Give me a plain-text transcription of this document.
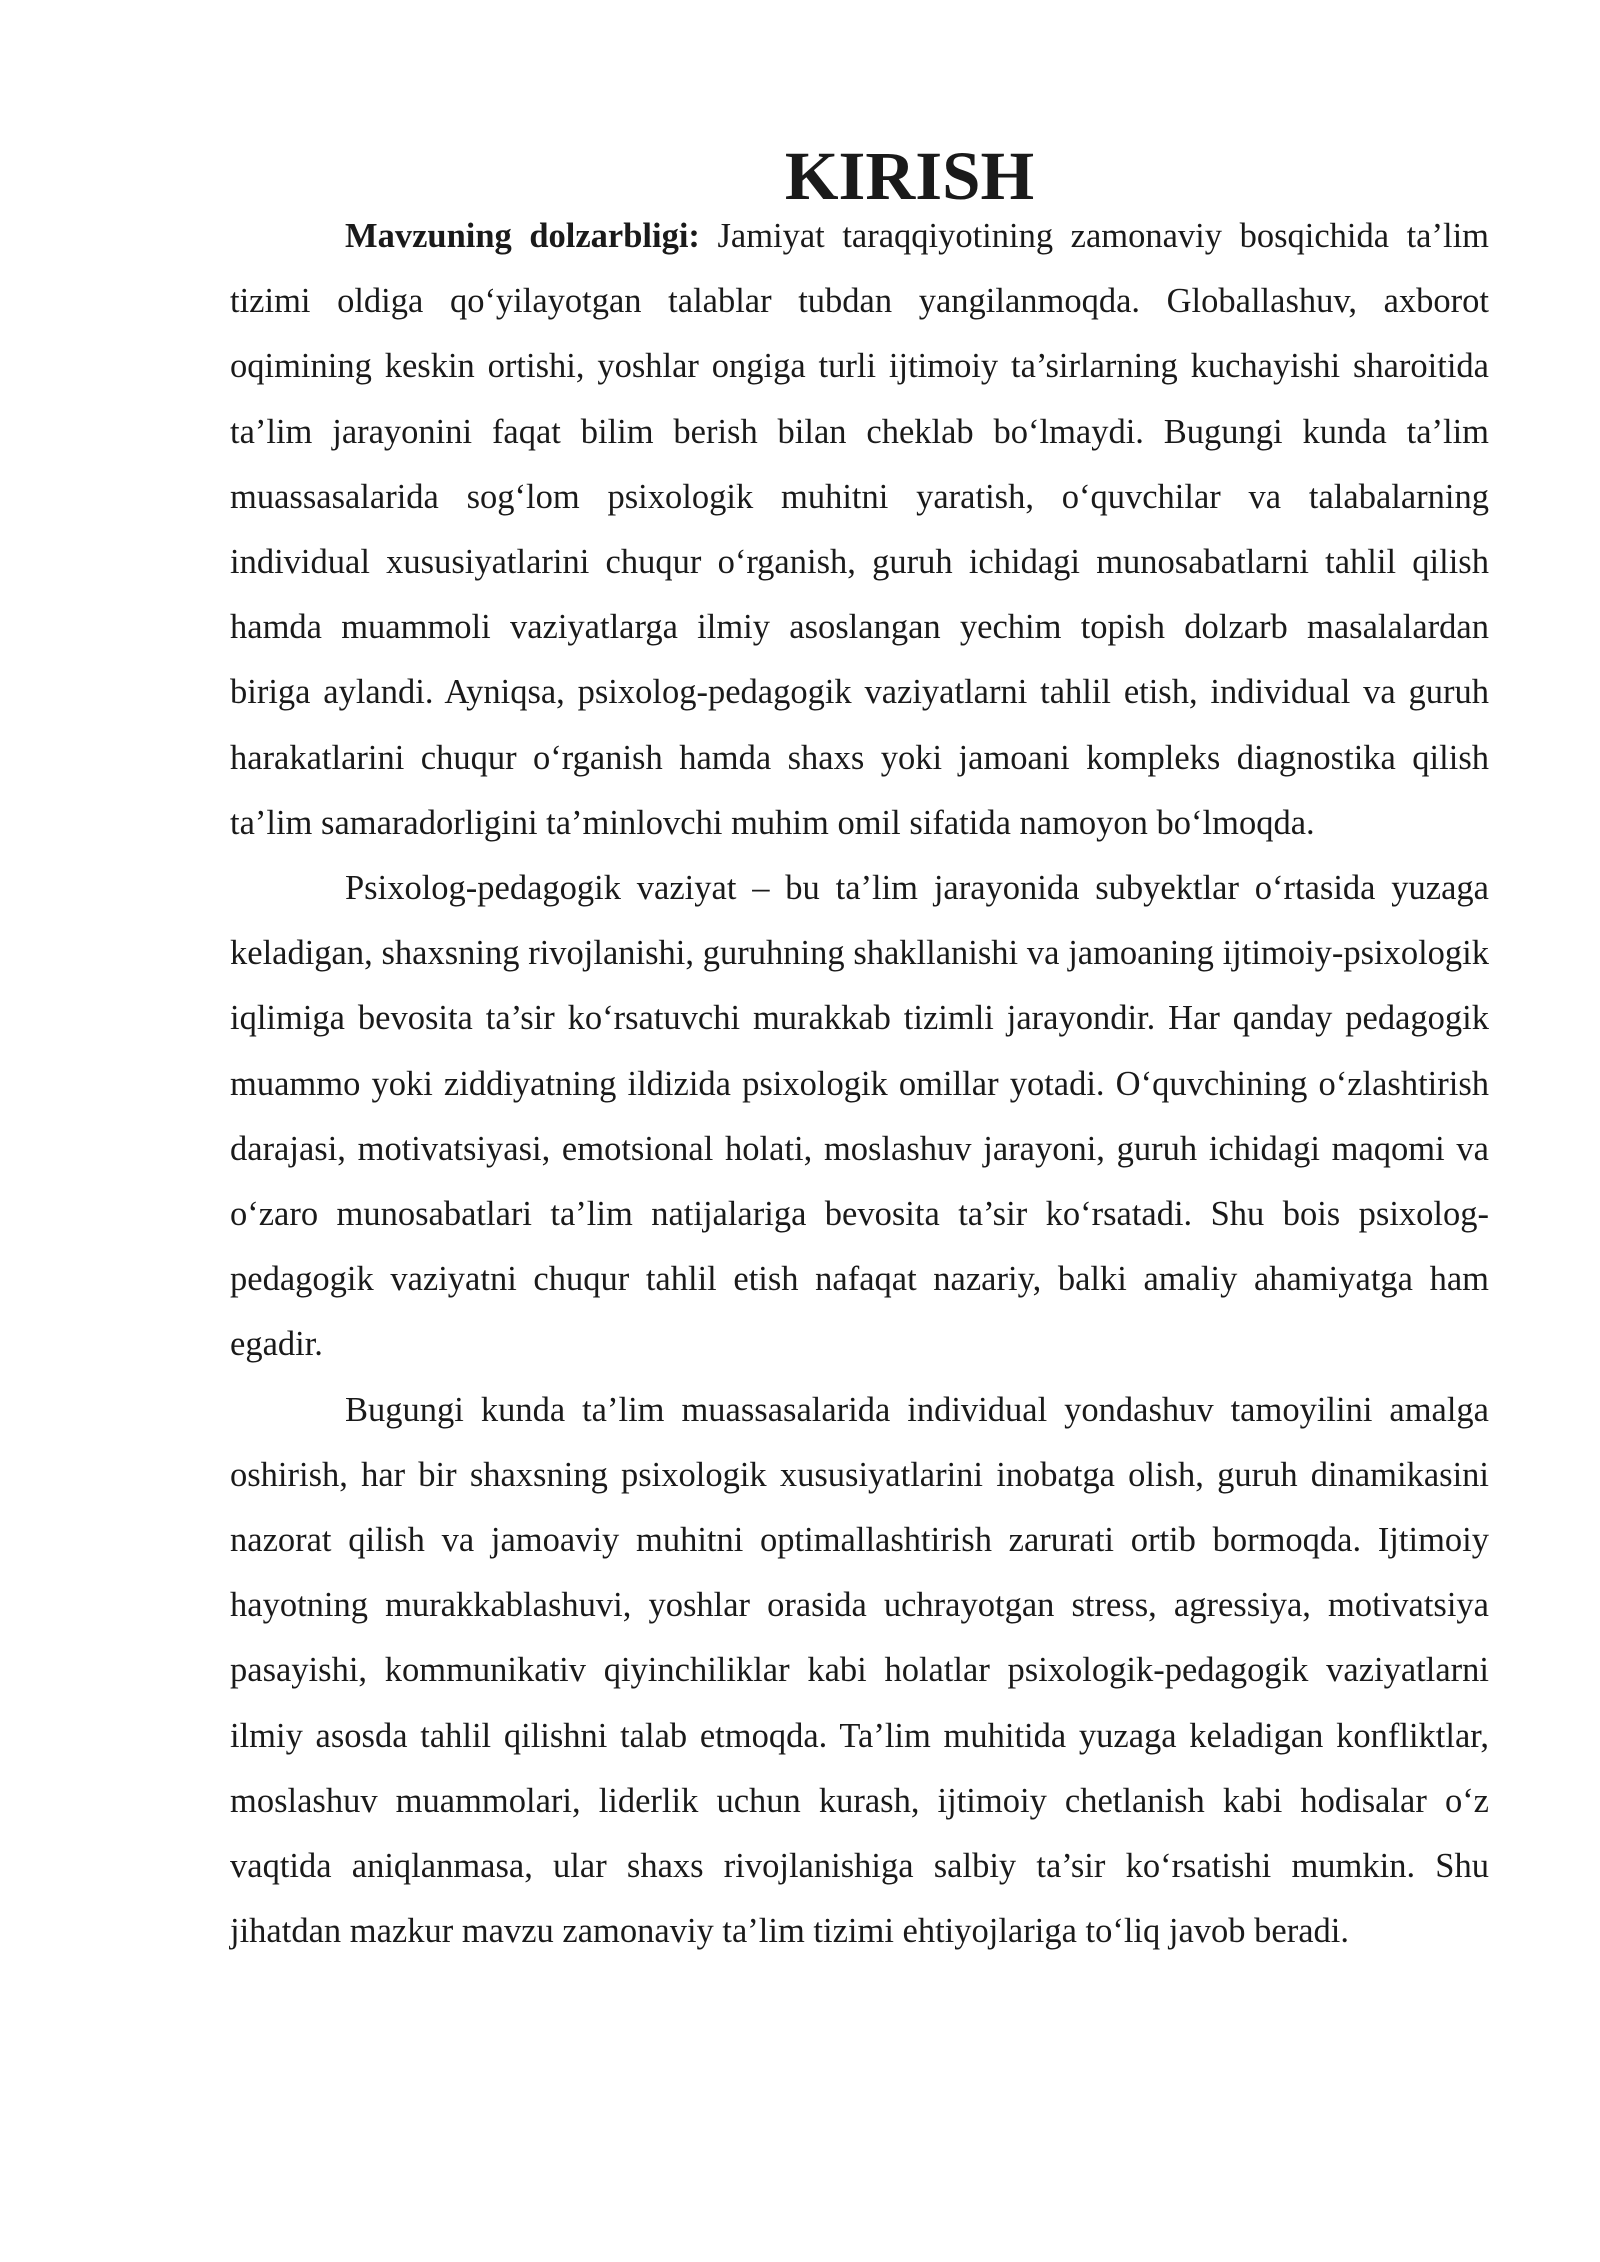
KIRISH

Mavzuning dolzarbligi: Jamiyat taraqqiyotining zamonaviy bosqichida ta’lim tizimi oldiga qo‘yilayotgan talablar tubdan yangilanmoqda. Globallashuv, axborot oqimining keskin ortishi, yoshlar ongiga turli ijtimoiy ta’sirlarning kuchayishi sharoitida ta’lim jarayonini faqat bilim berish bilan cheklab bo‘lmaydi. Bugungi kunda ta’lim muassasalarida sog‘lom psixologik muhitni yaratish, o‘quvchilar va talabalarning individual xususiyatlarini chuqur o‘rganish, guruh ichidagi munosabatlarni tahlil qilish hamda muammoli vaziyatlarga ilmiy asoslangan yechim topish dolzarb masalalardan biriga aylandi. Ayniqsa, psixolog-pedagogik vaziyatlarni tahlil etish, individual va guruh harakatlarini chuqur o‘rganish hamda shaxs yoki jamoani kompleks diagnostika qilish ta’lim samaradorligini ta’minlovchi muhim omil sifatida namoyon bo‘lmoqda.

Psixolog-pedagogik vaziyat – bu ta’lim jarayonida subyektlar o‘rtasida yuzaga keladigan, shaxsning rivojlanishi, guruhning shakllanishi va jamoaning ijtimoiy-psixologik iqlimiga bevosita ta’sir ko‘rsatuvchi murakkab tizimli jarayondir. Har qanday pedagogik muammo yoki ziddiyatning ildizida psixologik omillar yotadi. O‘quvchining o‘zlashtirish darajasi, motivatsiyasi, emotsional holati, moslashuv jarayoni, guruh ichidagi maqomi va o‘zaro munosabatlari ta’lim natijalariga bevosita ta’sir ko‘rsatadi. Shu bois psixolog-pedagogik vaziyatni chuqur tahlil etish nafaqat nazariy, balki amaliy ahamiyatga ham egadir.

Bugungi kunda ta’lim muassasalarida individual yondashuv tamoyilini amalga oshirish, har bir shaxsning psixologik xususiyatlarini inobatga olish, guruh dinamikasini nazorat qilish va jamoaviy muhitni optimallashtirish zarurati ortib bormoqda. Ijtimoiy hayotning murakkablashuvi, yoshlar orasida uchrayotgan stress, agressiya, motivatsiya pasayishi, kommunikativ qiyinchiliklar kabi holatlar psixologik-pedagogik vaziyatlarni ilmiy asosda tahlil qilishni talab etmoqda. Ta’lim muhitida yuzaga keladigan konfliktlar, moslashuv muammolari, liderlik uchun kurash, ijtimoiy chetlanish kabi hodisalar o‘z vaqtida aniqlanmasa, ular shaxs rivojlanishiga salbiy ta’sir ko‘rsatishi mumkin. Shu jihatdan mazkur mavzu zamonaviy ta’lim tizimi ehtiyojlariga to‘liq javob beradi.
